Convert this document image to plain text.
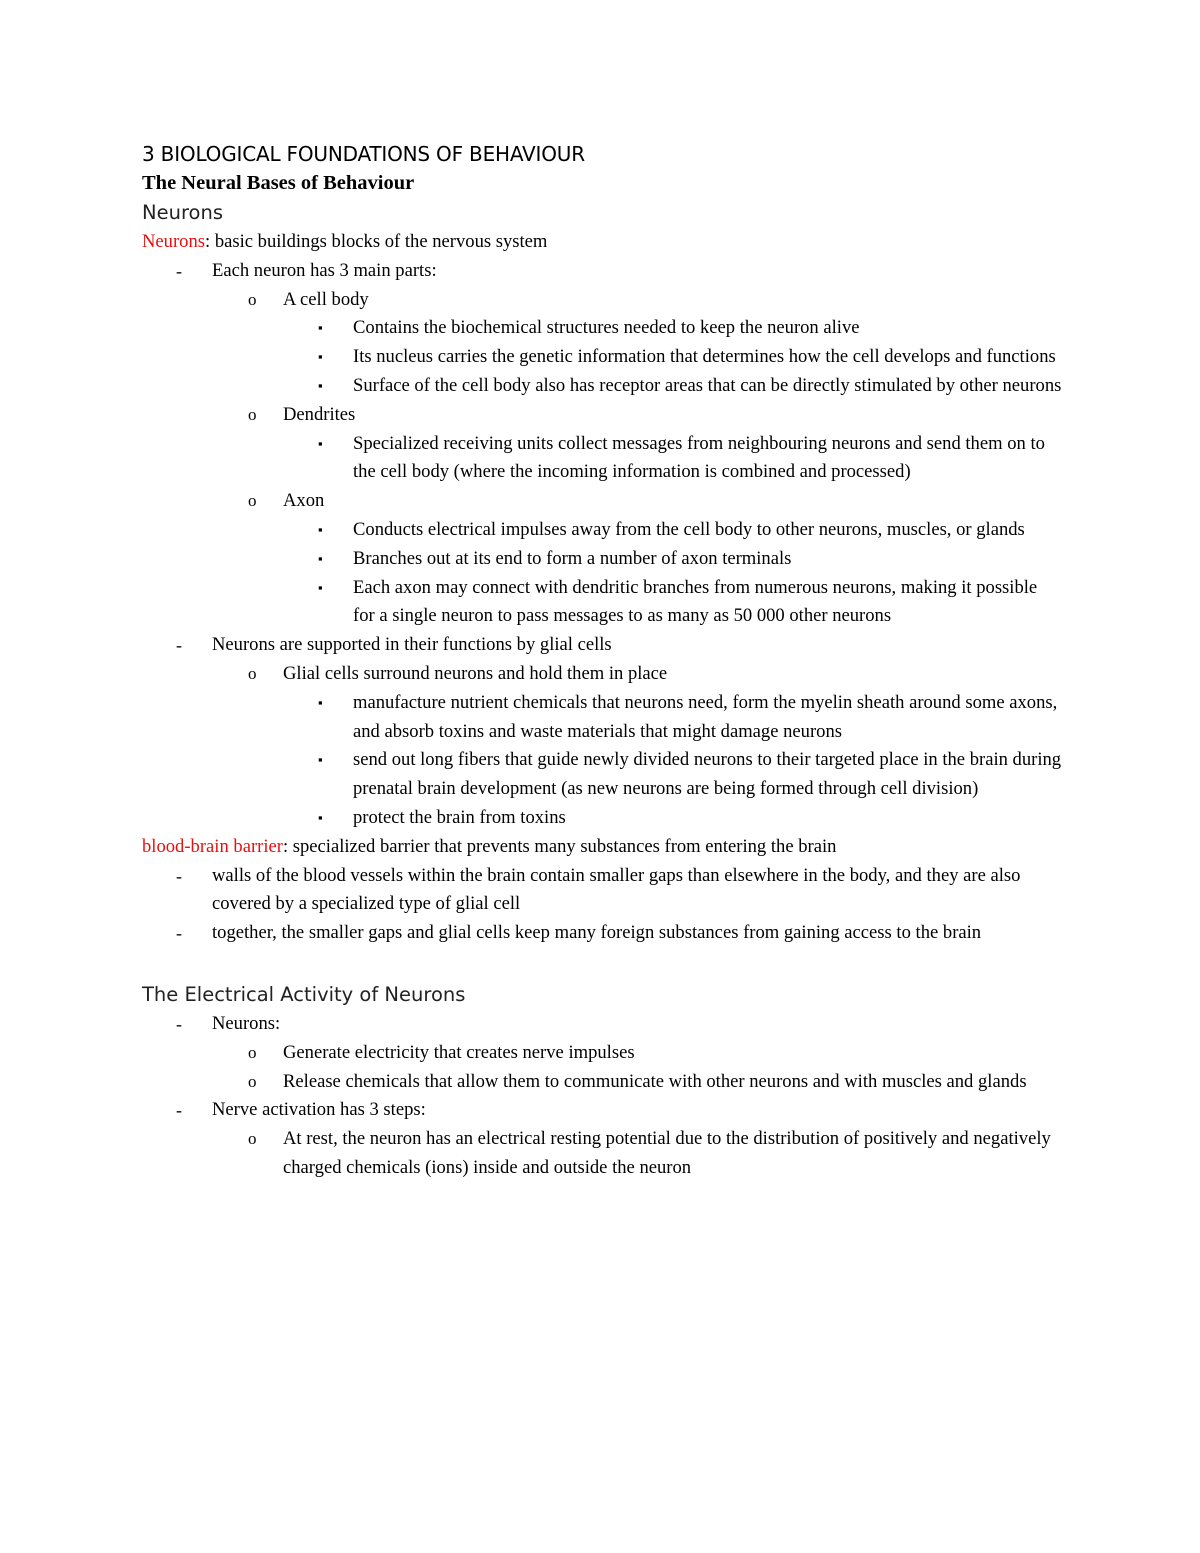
3 BIOLOGICAL FOUNDATIONS OF BEHAVIOUR
The Neural Bases of Behaviour
Neurons

Neurons: basic buildings blocks of the nervous system

- Each neuron has 3 main parts:

o A cell body

▪ Contains the biochemical structures needed to keep the neuron alive

▪ Its nucleus carries the genetic information that determines how the cell develops and functions

▪ Surface of the cell body also has receptor areas that can be directly stimulated by other neurons

o Dendrites

▪ Specialized receiving units collect messages from neighbouring neurons and send them on to the cell body (where the incoming information is combined and processed)

o Axon

▪ Conducts electrical impulses away from the cell body to other neurons, muscles, or glands

▪ Branches out at its end to form a number of axon terminals

▪ Each axon may connect with dendritic branches from numerous neurons, making it possible for a single neuron to pass messages to as many as 50 000 other neurons

- Neurons are supported in their functions by glial cells

o Glial cells surround neurons and hold them in place

▪ manufacture nutrient chemicals that neurons need, form the myelin sheath around some axons, and absorb toxins and waste materials that might damage neurons

▪ send out long fibers that guide newly divided neurons to their targeted place in the brain during prenatal brain development (as new neurons are being formed through cell division)

▪ protect the brain from toxins

blood-brain barrier: specialized barrier that prevents many substances from entering the brain

- walls of the blood vessels within the brain contain smaller gaps than elsewhere in the body, and they are also covered by a specialized type of glial cell

- together, the smaller gaps and glial cells keep many foreign substances from gaining access to the brain

The Electrical Activity of Neurons

- Neurons:

o Generate electricity that creates nerve impulses

o Release chemicals that allow them to communicate with other neurons and with muscles and glands

- Nerve activation has 3 steps:

o At rest, the neuron has an electrical resting potential due to the distribution of positively and negatively charged chemicals (ions) inside and outside the neuron
